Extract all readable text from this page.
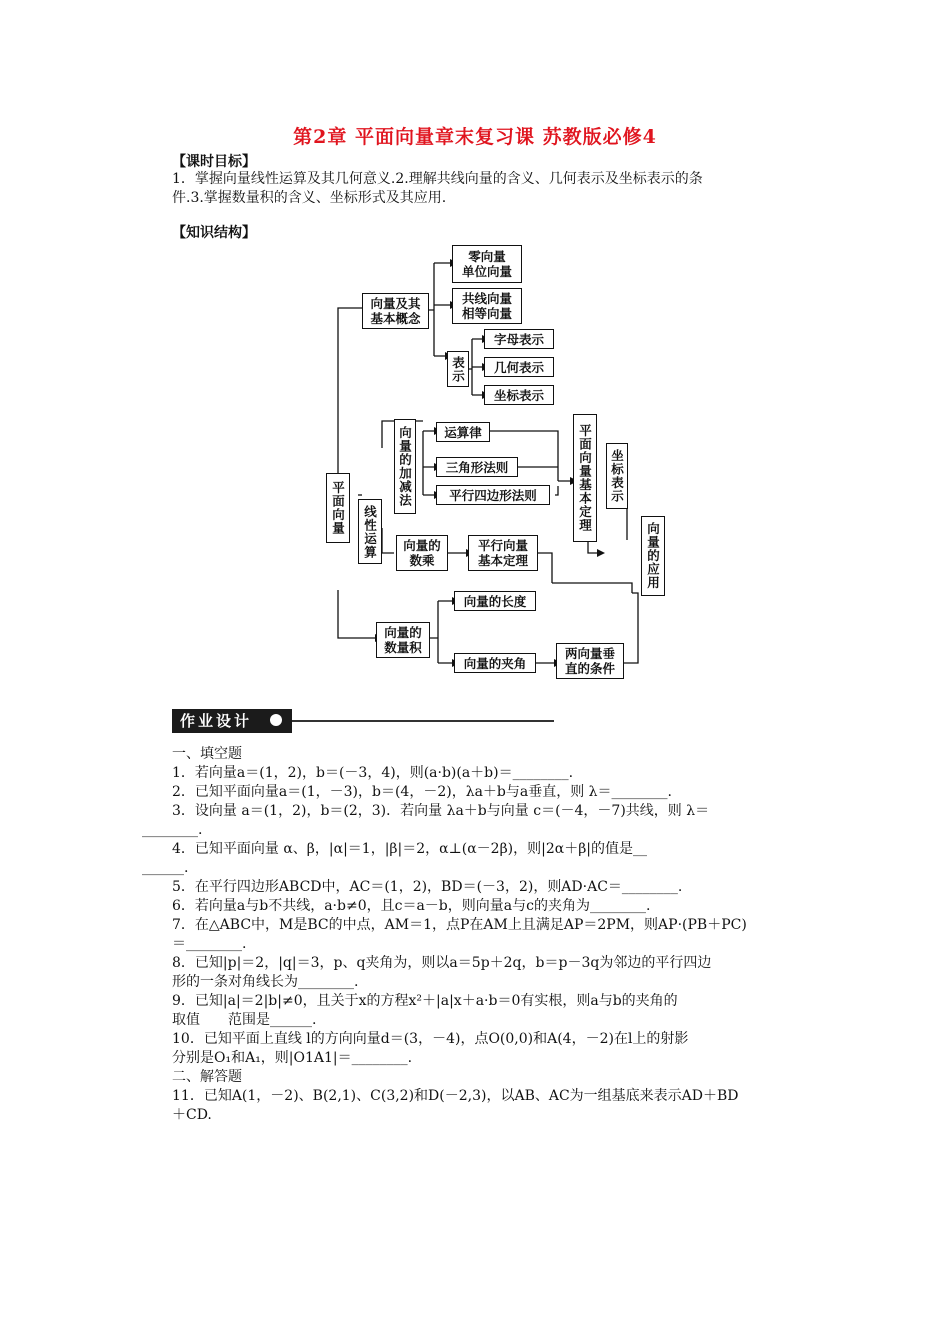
第2章 平面向量章末复习课 苏教版必修4
【课时目标】
1．掌握向量线性运算及其几何意义.2.理解共线向量的含义、几何表示及坐标表示的条
件.3.掌握数量积的含义、坐标形式及其应用.
【知识结构】
零向量
单位向量
向量及其
基本概念
共线向量
相等向量
表示
字母表示
几何表示
坐标表示
平面向量	线性运算
向量的加减法	运算律
三角形法则
平行四边形法则
向量的
数乘
平行向量
基本定理
平面向量基本定理	坐标表示
向量的应用
向量的
数量积
向量的长度
向量的夹角
两向量垂
直的条件
作业设计
一、填空题
1．若向量a＝(1，2)，b＝(－3，4)，则(a·b)(a＋b)＝________.
2．已知平面向量a＝(1，－3)，b＝(4，－2)，λa＋b与a垂直，则 λ＝________.
3．设向量 a＝(1，2)，b＝(2，3)．若向量 λa＋b与向量 c＝(－4，－7)共线，则 λ＝
________.
4．已知平面向量 α、β，|α|＝1，|β|＝2，α⊥(α－2β)，则|2α＋β|的值是__
______.
5．在平行四边形ABCD中，AC＝(1，2)，BD＝(－3，2)，则AD·AC＝________.
6．若向量a与b不共线，a·b≠0，且c＝a－b，则向量a与c的夹角为________.
7．在△ABC中，M是BC的中点，AM＝1，点P在AM上且满足AP＝2PM，则AP·(PB＋PC)
＝________.
8．已知|p|＝2，|q|＝3，p、q夹角为，则以a＝5p＋2q，b＝p－3q为邻边的平行四边
形的一条对角线长为________.
9．已知|a|＝2|b|≠0，且关于x的方程x²＋|a|x＋a·b＝0有实根，则a与b的夹角的
取值　　范围是______.
10．已知平面上直线 l的方向向量d＝(3，－4)，点O(0,0)和A(4，－2)在l上的射影
分别是O₁和A₁，则|O1A1|＝________.
二、解答题
11．已知A(1，－2)、B(2,1)、C(3,2)和D(－2,3)，以AB、AC为一组基底来表示AD＋BD
＋CD.
